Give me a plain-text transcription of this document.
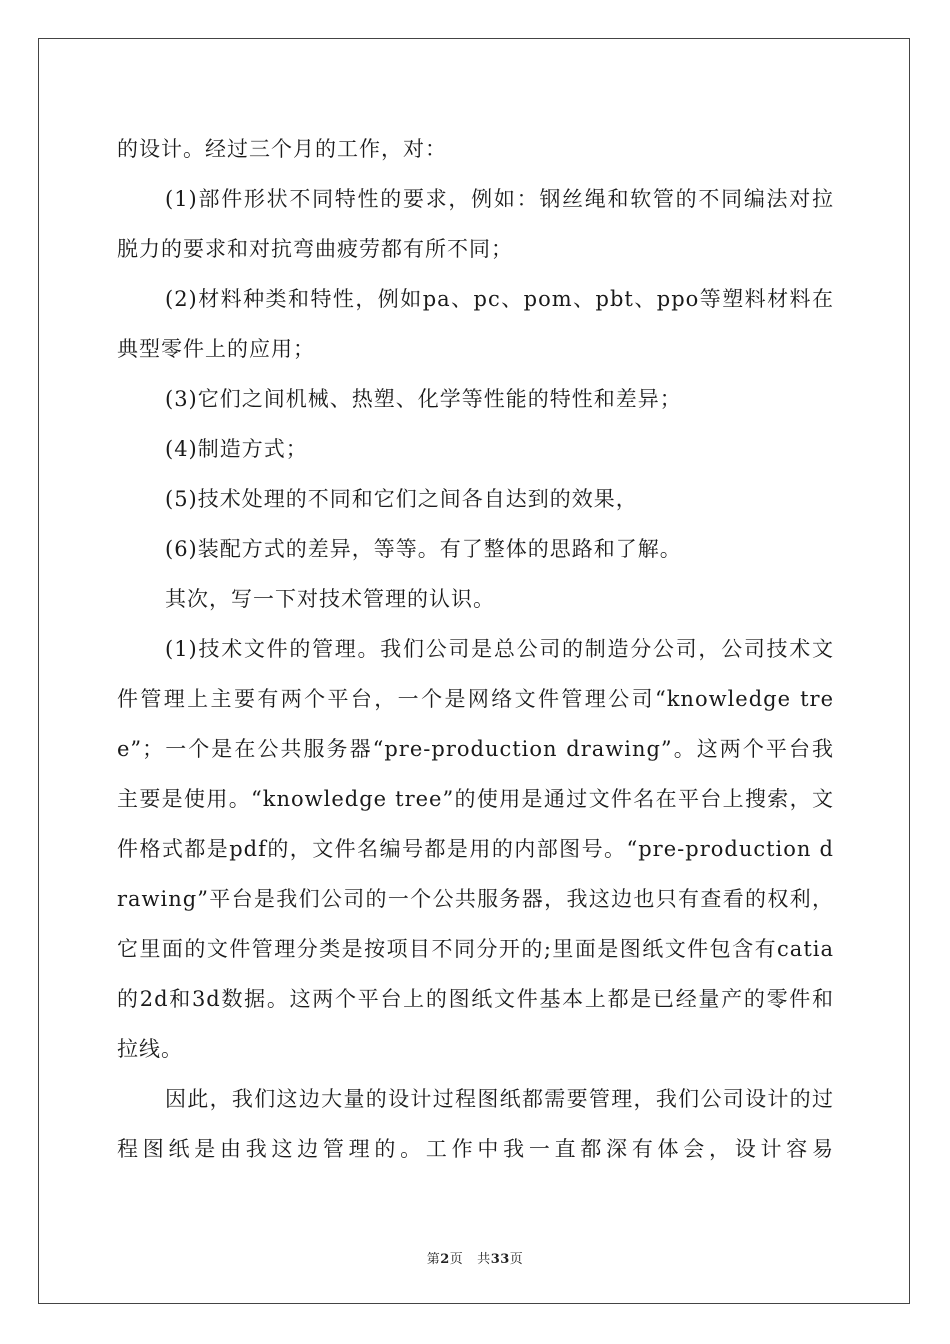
的设计。经过三个月的工作，对：

(1)部件形状不同特性的要求，例如：钢丝绳和软管的不同编法对拉脱力的要求和对抗弯曲疲劳都有所不同；

(2)材料种类和特性，例如pa、pc、pom、pbt、ppo等塑料材料在典型零件上的应用；

(3)它们之间机械、热塑、化学等性能的特性和差异；

(4)制造方式；

(5)技术处理的不同和它们之间各自达到的效果，

(6)装配方式的差异，等等。有了整体的思路和了解。

其次，写一下对技术管理的认识。

(1)技术文件的管理。我们公司是总公司的制造分公司，公司技术文件管理上主要有两个平台，一个是网络文件管理公司“knowledge tree”；一个是在公共服务器“pre-production drawing”。这两个平台我主要是使用。“knowledge tree”的使用是通过文件名在平台上搜索，文件格式都是pdf的，文件名编号都是用的内部图号。“pre-production drawing”平台是我们公司的一个公共服务器，我这边也只有查看的权利，它里面的文件管理分类是按项目不同分开的;里面是图纸文件包含有catia的2d和3d数据。这两个平台上的图纸文件基本上都是已经量产的零件和拉线。

因此，我们这边大量的设计过程图纸都需要管理，我们公司设计的过程图纸是由我这边管理的。工作中我一直都深有体会，设计容易

第2页 共33页
